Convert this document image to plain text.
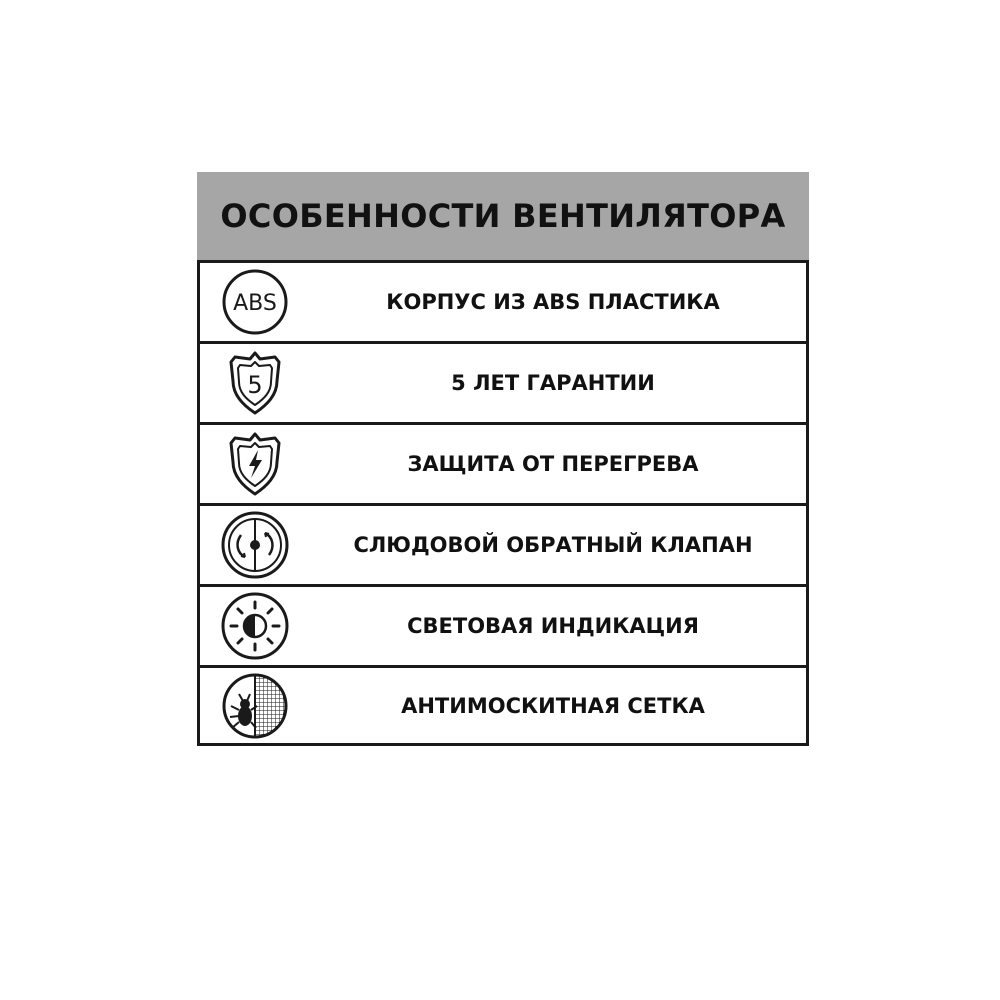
ОСОБЕННОСТИ ВЕНТИЛЯТОРА
ABS	КОРПУС ИЗ ABS ПЛАСТИКА
5	5 ЛЕТ ГАРАНТИИ
ЗАЩИТА ОТ ПЕРЕГРЕВА
СЛЮДОВОЙ ОБРАТНЫЙ КЛАПАН
СВЕТОВАЯ ИНДИКАЦИЯ
АНТИМОСКИТНАЯ СЕТКА
